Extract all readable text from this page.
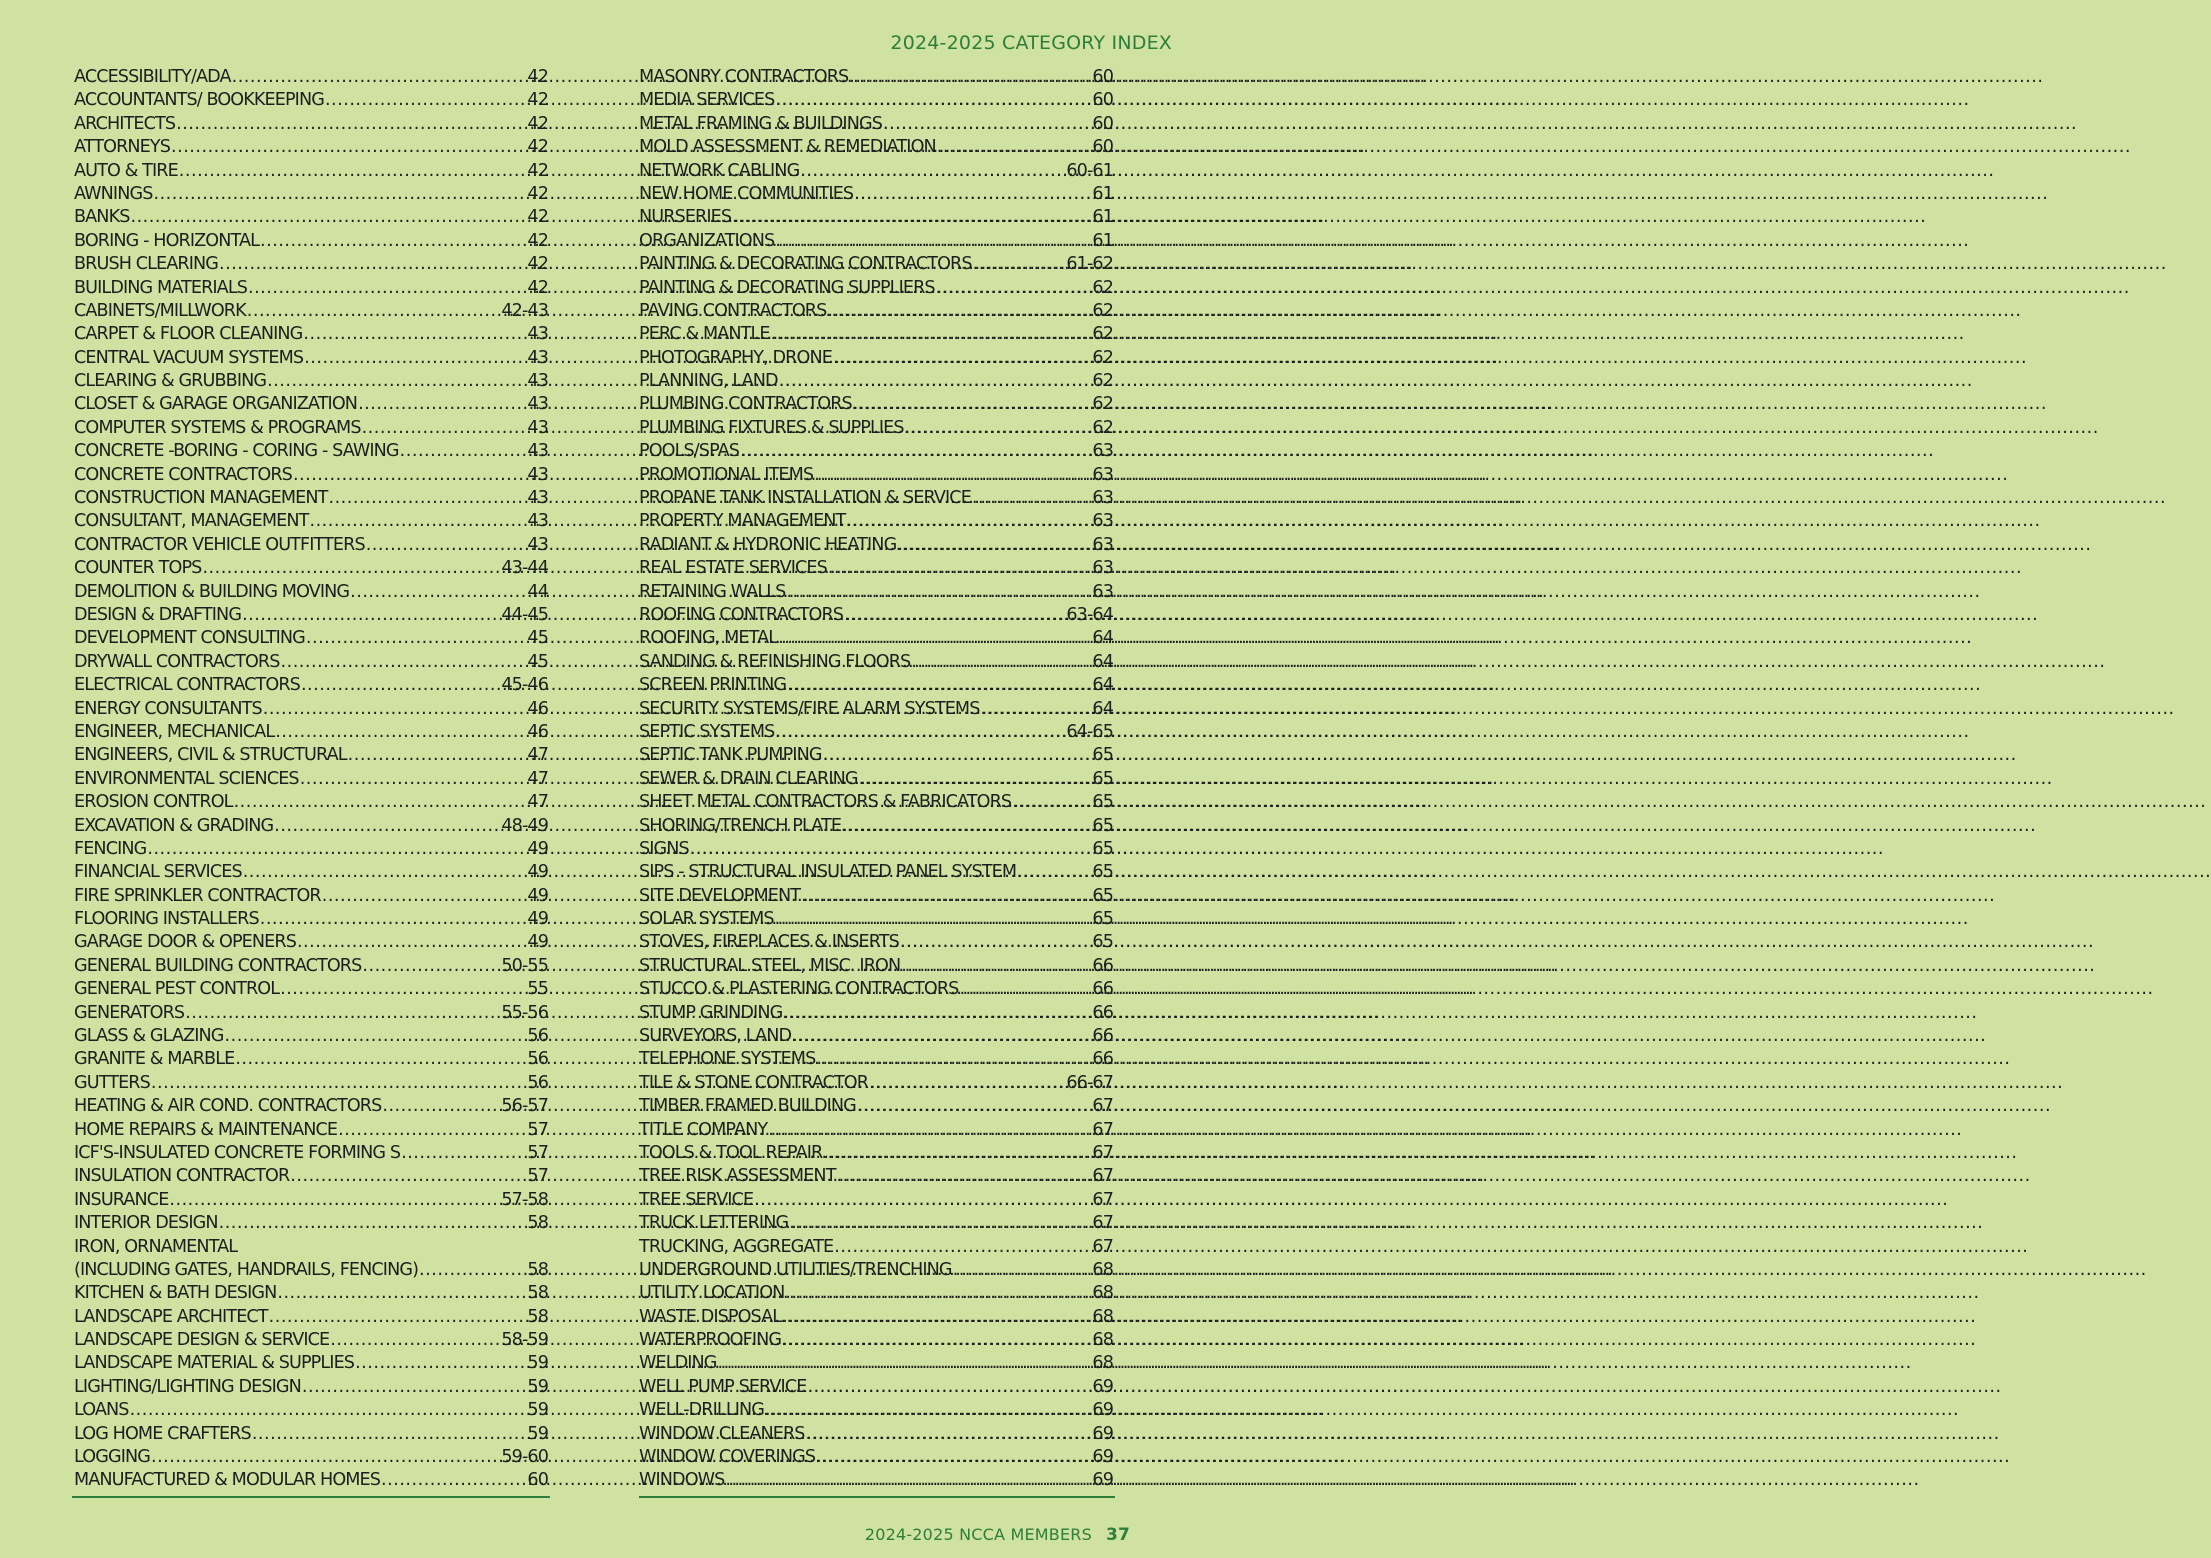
2024-2025 CATEGORY INDEX
ACCESSIBILITY/ADA .....	42
ACCOUNTANTS/ BOOKKEEPING .....	42
ARCHITECTS .....	42
ATTORNEYS .....	42
AUTO & TIRE .....	42
AWNINGS .....	42
BANKS .....	42
BORING - HORIZONTAL .....	42
BRUSH CLEARING .....	42
BUILDING MATERIALS .....	42
CABINETS/MILLWORK .....	42-43
CARPET & FLOOR CLEANING .....	43
CENTRAL VACUUM SYSTEMS .....	43
CLEARING & GRUBBING .....	43
CLOSET & GARAGE ORGANIZATION .....	43
COMPUTER SYSTEMS & PROGRAMS .....	43
CONCRETE -BORING - CORING - SAWING .....	43
CONCRETE CONTRACTORS .....	43
CONSTRUCTION MANAGEMENT .....	43
CONSULTANT, MANAGEMENT .....	43
CONTRACTOR VEHICLE OUTFITTERS .....	43
COUNTER TOPS .....	43-44
DEMOLITION & BUILDING MOVING .....	44
DESIGN & DRAFTING .....	44-45
DEVELOPMENT CONSULTING .....	45
DRYWALL CONTRACTORS .....	45
ELECTRICAL CONTRACTORS .....	45-46
ENERGY CONSULTANTS .....	46
ENGINEER, MECHANICAL .....	46
ENGINEERS, CIVIL & STRUCTURAL .....	47
ENVIRONMENTAL SCIENCES .....	47
EROSION CONTROL .....	47
EXCAVATION & GRADING .....	48-49
FENCING .....	49
FINANCIAL SERVICES .....	49
FIRE SPRINKLER CONTRACTOR .....	49
FLOORING INSTALLERS .....	49
GARAGE DOOR & OPENERS .....	49
GENERAL BUILDING CONTRACTORS .....	50-55
GENERAL PEST CONTROL .....	55
GENERATORS .....	55-56
GLASS & GLAZING .....	56
GRANITE & MARBLE .....	56
GUTTERS .....	56
HEATING & AIR COND. CONTRACTORS .....	56-57
HOME REPAIRS & MAINTENANCE .....	57
ICF'S-INSULATED CONCRETE FORMING S .....	57
INSULATION CONTRACTOR .....	57
INSURANCE .....	57-58
INTERIOR DESIGN .....	58
IRON, ORNAMENTAL
(INCLUDING GATES, HANDRAILS, FENCING) .....	58
KITCHEN & BATH DESIGN .....	58
LANDSCAPE ARCHITECT .....	58
LANDSCAPE DESIGN & SERVICE .....	58-59
LANDSCAPE MATERIAL & SUPPLIES .....	59
LIGHTING/LIGHTING DESIGN .....	59
LOANS .....	59
LOG HOME CRAFTERS .....	59
LOGGING .....	59-60
MANUFACTURED & MODULAR HOMES .....	60
MASONRY CONTRACTORS .....	60
MEDIA SERVICES .....	60
METAL FRAMING & BUILDINGS .....	60
MOLD ASSESSMENT & REMEDIATION .....	60
NETWORK CABLING .....	60-61
NEW HOME COMMUNITIES .....	61
NURSERIES .....	61
ORGANIZATIONS .....	61
PAINTING & DECORATING CONTRACTORS .....	61-62
PAINTING & DECORATING SUPPLIERS .....	62
PAVING CONTRACTORS .....	62
PERC & MANTLE .....	62
PHOTOGRAPHY, DRONE .....	62
PLANNING, LAND .....	62
PLUMBING CONTRACTORS .....	62
PLUMBING FIXTURES & SUPPLIES .....	62
POOLS/SPAS .....	63
PROMOTIONAL ITEMS .....	63
PROPANE TANK INSTALLATION & SERVICE .....	63
PROPERTY MANAGEMENT .....	63
RADIANT & HYDRONIC HEATING .....	63
REAL ESTATE SERVICES .....	63
RETAINING WALLS .....	63
ROOFING CONTRACTORS .....	63-64
ROOFING, METAL .....	64
SANDING & REFINISHING FLOORS .....	64
SCREEN PRINTING .....	64
SECURITY SYSTEMS/FIRE ALARM SYSTEMS .....	64
SEPTIC SYSTEMS .....	64-65
SEPTIC TANK PUMPING .....	65
SEWER & DRAIN CLEARING .....	65
SHEET METAL CONTRACTORS & FABRICATORS .....	65
SHORING/TRENCH PLATE .....	65
SIGNS .....	65
SIPS - STRUCTURAL INSULATED PANEL SYSTEM .....	65
SITE DEVELOPMENT .....	65
SOLAR SYSTEMS .....	65
STOVES, FIREPLACES & INSERTS .....	65
STRUCTURAL STEEL, MISC. IRON .....	66
STUCCO & PLASTERING CONTRACTORS .....	66
STUMP GRINDING .....	66
SURVEYORS, LAND .....	66
TELEPHONE SYSTEMS .....	66
TILE & STONE CONTRACTOR .....	66-67
TIMBER FRAMED BUILDING .....	67
TITLE COMPANY .....	67
TOOLS & TOOL REPAIR .....	67
TREE RISK ASSESSMENT .....	67
TREE SERVICE .....	67
TRUCK LETTERING .....	67
TRUCKING, AGGREGATE .....	67
UNDERGROUND UTILITIES/TRENCHING .....	68
UTILITY LOCATION .....	68
WASTE DISPOSAL .....	68
WATERPROOFING .....	68
WELDING .....	68
WELL PUMP SERVICE .....	69
WELL-DRILLING .....	69
WINDOW CLEANERS .....	69
WINDOW COVERINGS .....	69
WINDOWS .....	69
2024-2025 NCCA MEMBERS 37
